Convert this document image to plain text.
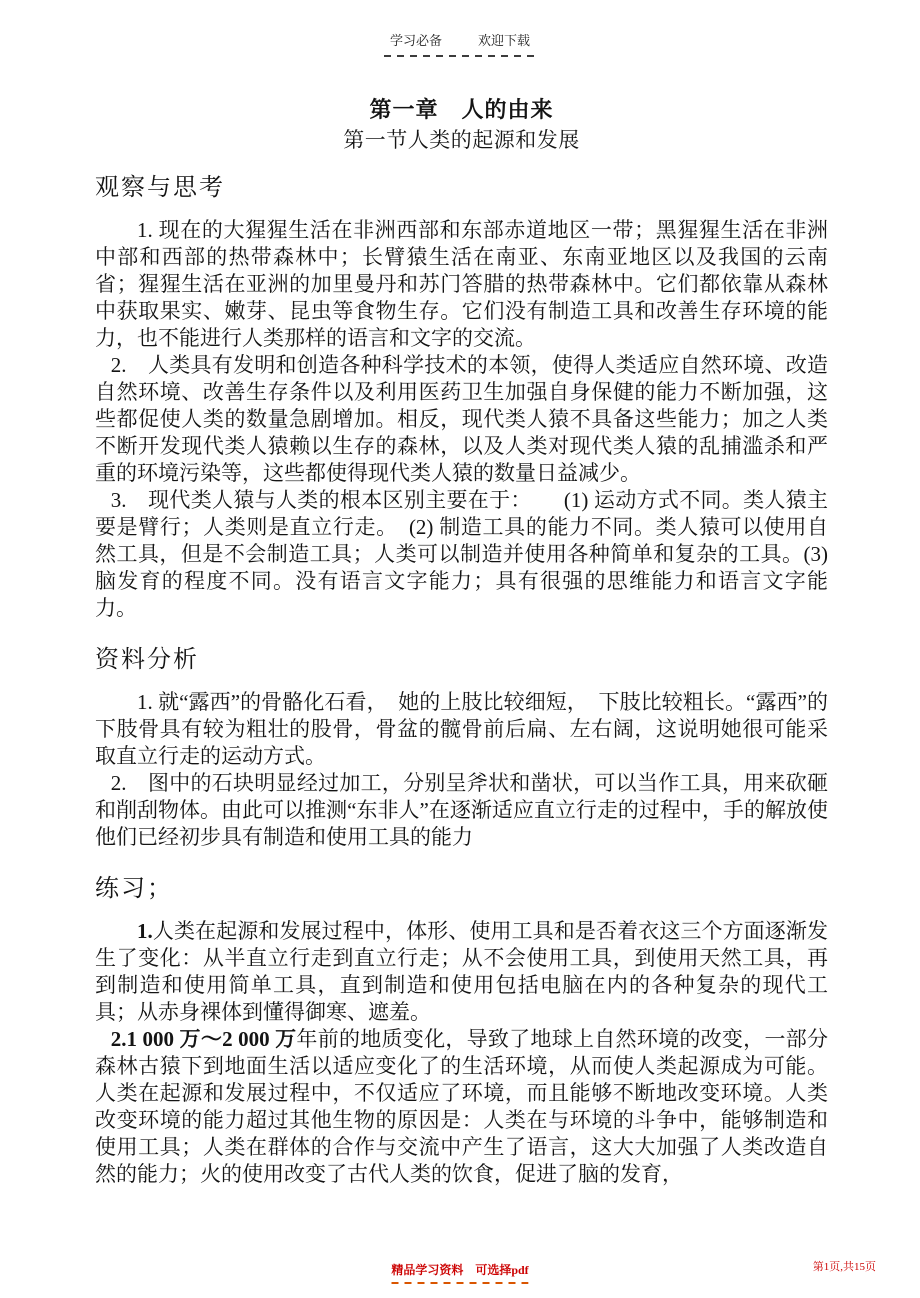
学习必备	欢迎下载
第一章　人的由来
第一节人类的起源和发展
观察与思考

1. 现在的大猩猩生活在非洲西部和东部赤道地区一带；黑猩猩生活在非洲中部和西部的热带森林中；长臂猿生活在南亚、东南亚地区以及我国的云南省；猩猩生活在亚洲的加里曼丹和苏门答腊的热带森林中。它们都依靠从森林中获取果实、嫩芽、昆虫等食物生存。它们没有制造工具和改善生存环境的能力，也不能进行人类那样的语言和文字的交流。

2.　人类具有发明和创造各种科学技术的本领，使得人类适应自然环境、改造自然环境、改善生存条件以及利用医药卫生加强自身保健的能力不断加强，这些都促使人类的数量急剧增加。相反，现代类人猿不具备这些能力；加之人类不断开发现代类人猿赖以生存的森林，以及人类对现代类人猿的乱捕滥杀和严重的环境污染等，这些都使得现代类人猿的数量日益减少。

3.　现代类人猿与人类的根本区别主要在于：　　(1) 运动方式不同。类人猿主要是臂行；人类则是直立行走。　(2) 制造工具的能力不同。类人猿可以使用自然工具，但是不会制造工具；人类可以制造并使用各种简单和复杂的工具。(3) 脑发育的程度不同。没有语言文字能力；具有很强的思维能力和语言文字能力。

资料分析

1. 就“露西”的骨骼化石看，　她的上肢比较细短，　下肢比较粗长。“露西”的下肢骨具有较为粗壮的股骨，骨盆的髋骨前后扁、左右阔，这说明她很可能采取直立行走的运动方式。

2.　图中的石块明显经过加工，分别呈斧状和凿状，可以当作工具，用来砍砸和削刮物体。由此可以推测“东非人”在逐渐适应直立行走的过程中，手的解放使他们已经初步具有制造和使用工具的能力

练习；

1.人类在起源和发展过程中，体形、使用工具和是否着衣这三个方面逐渐发生了变化：从半直立行走到直立行走；从不会使用工具，到使用天然工具，再到制造和使用简单工具，直到制造和使用包括电脑在内的各种复杂的现代工具；从赤身裸体到懂得御寒、遮羞。

2.1 000 万～2 000 万年前的地质变化，导致了地球上自然环境的改变，一部分森林古猿下到地面生活以适应变化了的生活环境，从而使人类起源成为可能。人类在起源和发展过程中，不仅适应了环境，而且能够不断地改变环境。人类改变环境的能力超过其他生物的原因是：人类在与环境的斗争中，能够制造和使用工具；人类在群体的合作与交流中产生了语言，这大大加强了人类改造自然的能力；火的使用改变了古代人类的饮食，促进了脑的发育，

精品学习资料　可选择pdf	第1页,共15页
